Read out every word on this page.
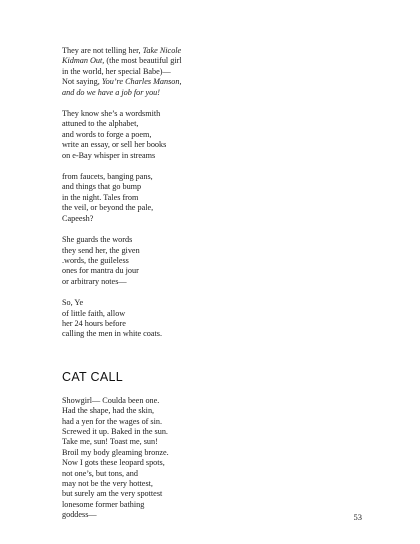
They are not telling her, Take Nicole
Kidman Out, (the most beautiful girl
in the world, her special Babe)—
Not saying, You’re Charles Manson,
and do we have a job for you!
They know she’s a wordsmith
attuned to the alphabet,
and words to forge a poem,
write an essay, or sell her books
on e-Bay whisper in streams
from faucets, banging pans,
and things that go bump
in the night. Tales from
the veil, or beyond the pale,
Capeesh?
She guards the words
they send her, the given
.words, the guileless
ones for mantra du jour
or arbitrary notes—
So, Ye
of little faith, allow
her 24 hours before
calling the men in white coats.
CAT CALL
Showgirl— Coulda been one.
Had the shape, had the skin,
had a yen for the wages of sin.
Screwed it up. Baked in the sun.
Take me, sun! Toast me, sun!
Broil my body gleaming bronze.
Now I gots these leopard spots,
not one’s, but tons, and
may not be the very hottest,
but surely am the very spottest
lonesome former bathing
goddess—	53
